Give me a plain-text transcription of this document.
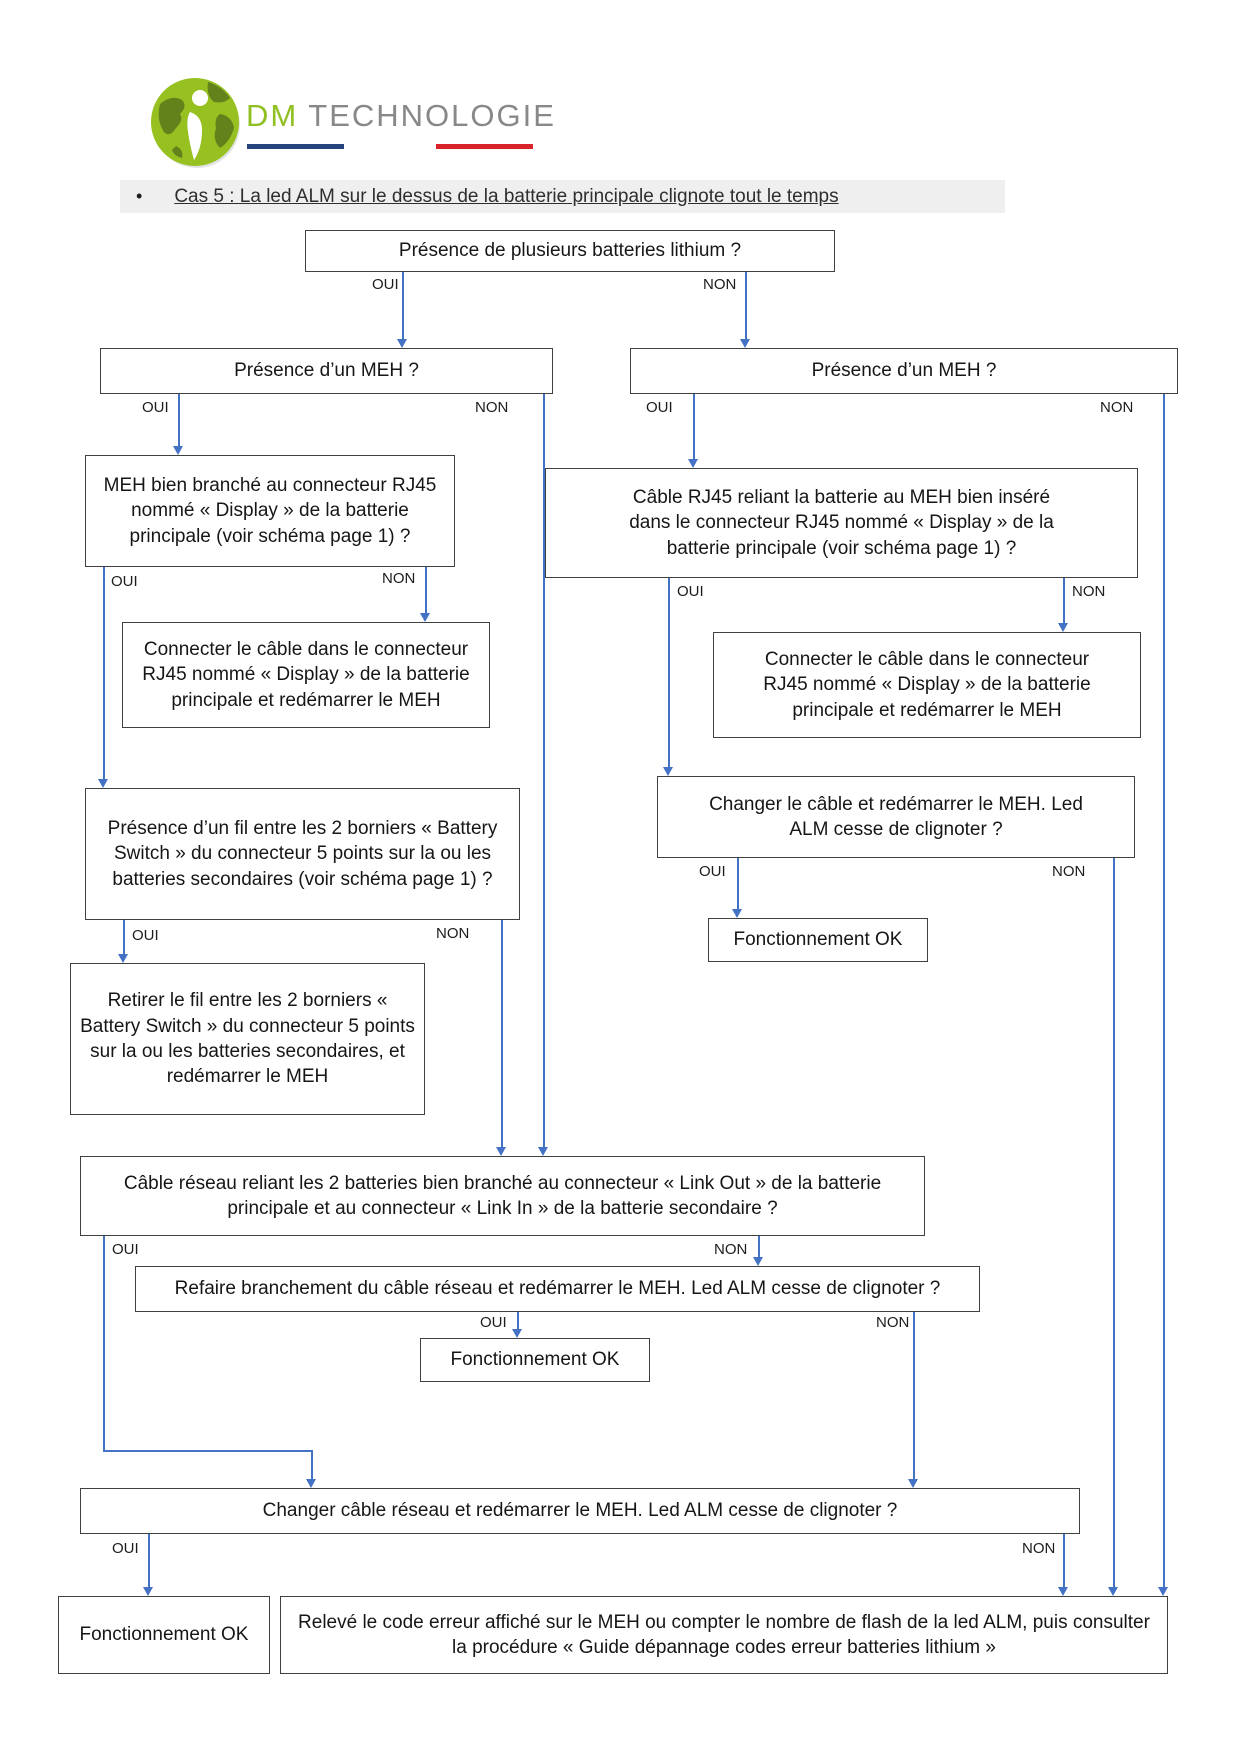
DM TECHNOLOGIE
• Cas 5 : La led ALM sur le dessus de la batterie principale clignote tout le temps
Présence de plusieurs batteries lithium ?
Présence d’un MEH ?	Présence d’un MEH ?
MEH bien branché au connecteur RJ45 nommé « Display » de la batterie principale (voir schéma page 1) ?
Câble RJ45 reliant la batterie au MEH bien inséré dans le connecteur RJ45 nommé « Display » de la batterie principale (voir schéma page 1) ?
Connecter le câble dans le connecteur RJ45 nommé « Display » de la batterie principale et redémarrer le MEH
Connecter le câble dans le connecteur RJ45 nommé « Display » de la batterie principale et redémarrer le MEH
Présence d’un fil entre les 2 borniers « Battery Switch » du connecteur 5 points sur la ou les batteries secondaires (voir schéma page 1) ?
Retirer le fil entre les 2 borniers « Battery Switch » du connecteur 5 points sur la ou les batteries secondaires, et redémarrer le MEH
Changer le câble et redémarrer le MEH. Led ALM cesse de clignoter ?
Fonctionnement OK
Câble réseau reliant les 2 batteries bien branché au connecteur « Link Out » de la batterie principale et au connecteur « Link In » de la batterie secondaire ?
Refaire branchement du câble réseau et redémarrer le MEH. Led ALM cesse de clignoter ?
Fonctionnement OK
Changer câble réseau et redémarrer le MEH. Led ALM cesse de clignoter ?
Fonctionnement OK
Relevé le code erreur affiché sur le MEH ou compter le nombre de flash de la led ALM, puis consulter la procédure « Guide dépannage codes erreur batteries lithium »
OUI	NON
OUI	NON	OUI	NON
OUI	NON
OUI	NON
OUI	NON
OUI	NON
OUI	NON
OUI	NON
OUI	NON
